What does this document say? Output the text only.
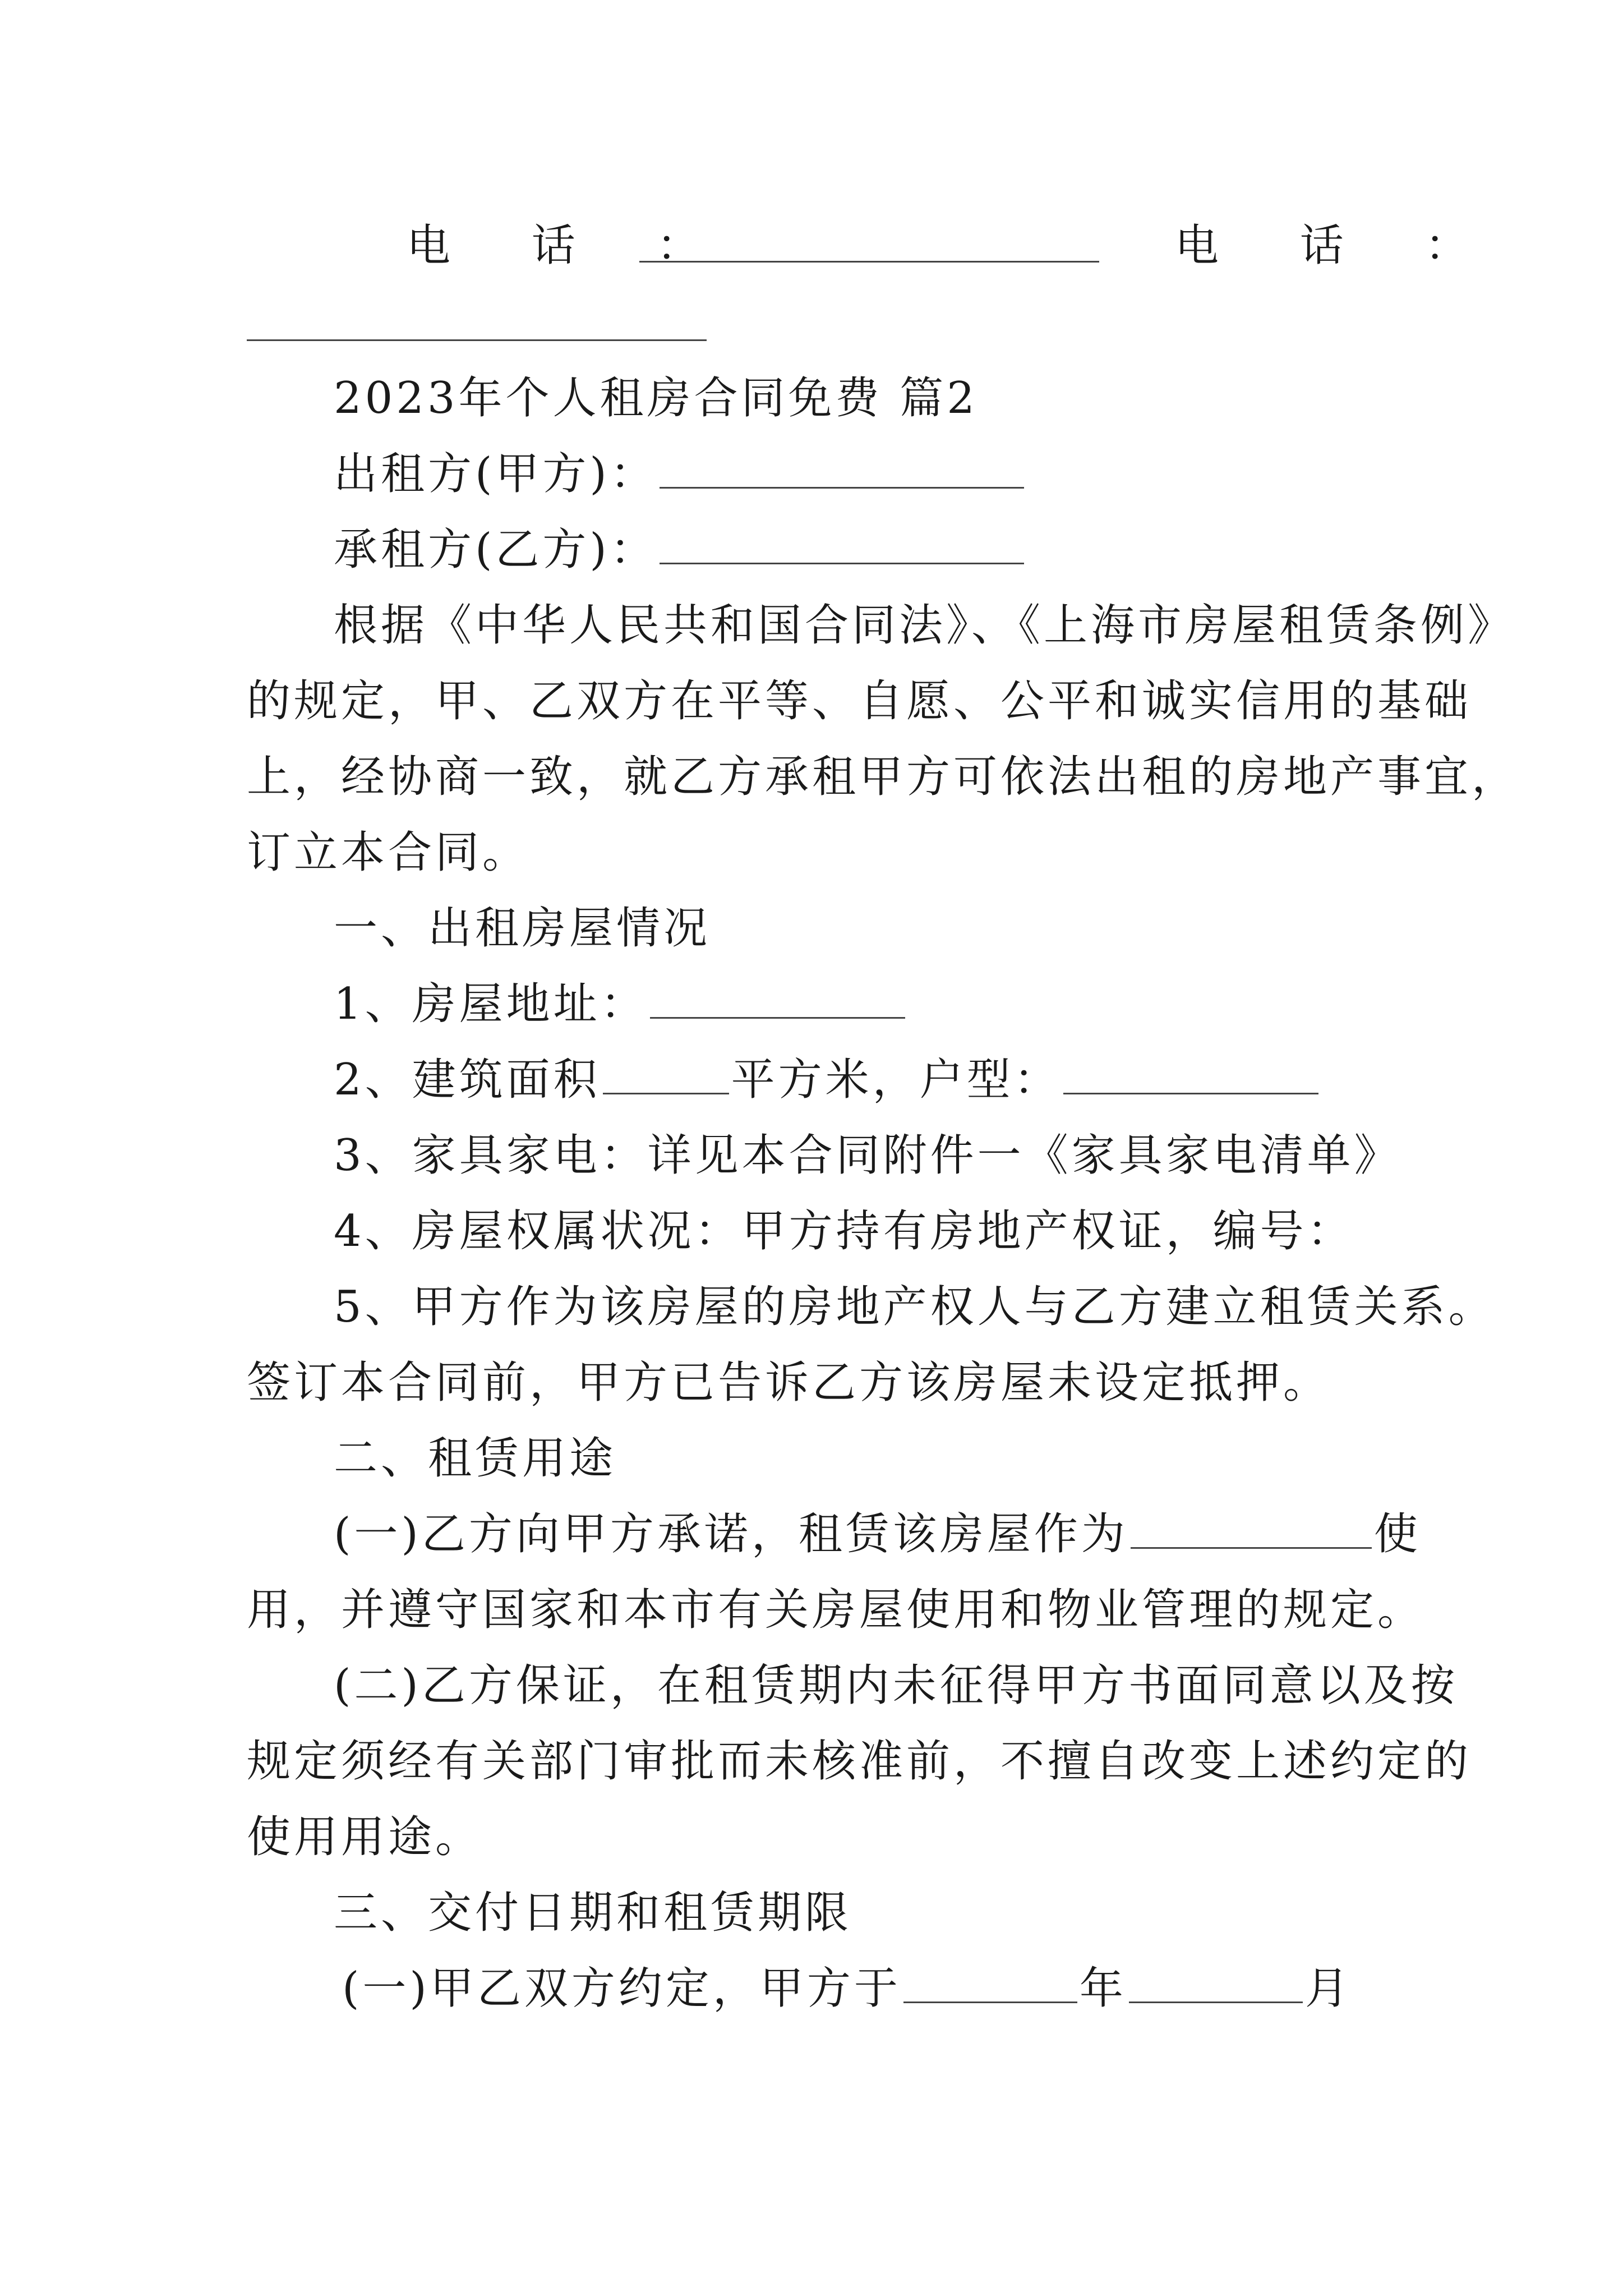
电 话 ：	电 话 ：
2023年个人租房合同免费 篇2
出租方(甲方)：
承租方(乙方)：
根据《中华人民共和国合同法》、《上海市房屋租赁条例》
的规定，甲、乙双方在平等、自愿、公平和诚实信用的基础
上，经协商一致，就乙方承租甲方可依法出租的房地产事宜，
订立本合同。
一、出租房屋情况
1、房屋地址：
2、建筑面积	平方米，户型：
3、家具家电：详见本合同附件一《家具家电清单》
4、房屋权属状况：甲方持有房地产权证，编号：
5、甲方作为该房屋的房地产权人与乙方建立租赁关系。
签订本合同前，甲方已告诉乙方该房屋未设定抵押。
二、租赁用途
(一)乙方向甲方承诺，租赁该房屋作为	使
用，并遵守国家和本市有关房屋使用和物业管理的规定。
(二)乙方保证，在租赁期内未征得甲方书面同意以及按
规定须经有关部门审批而未核准前，不擅自改变上述约定的
使用用途。
三、交付日期和租赁期限
(一)甲乙双方约定，甲方于	年	月
